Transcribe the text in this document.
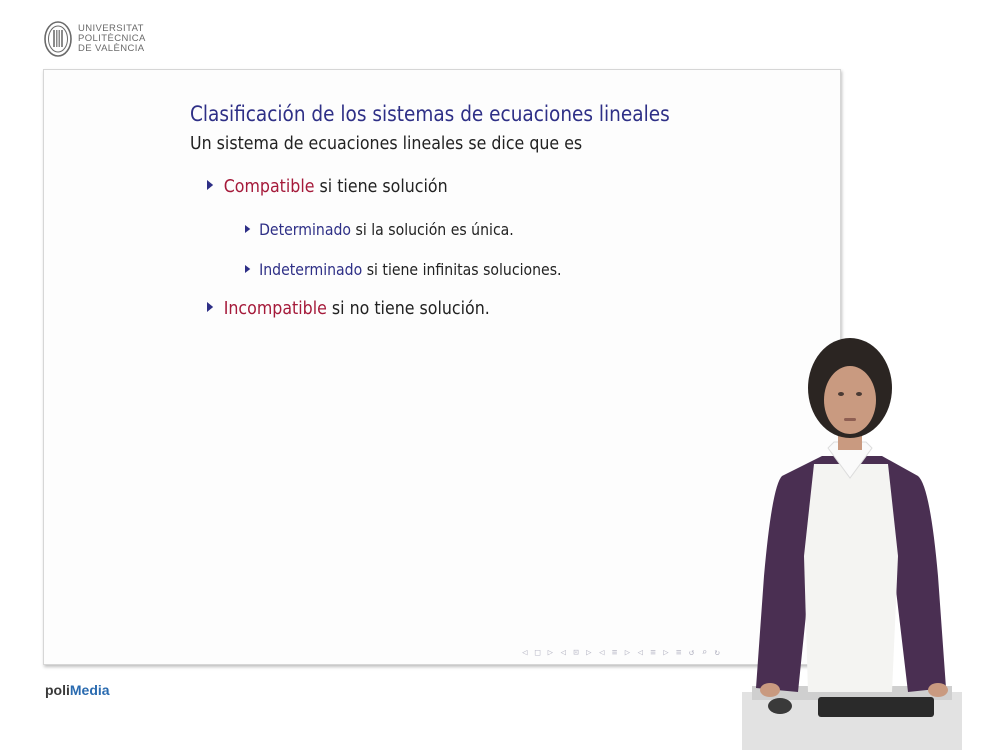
UNIVERSITAT
POLITÈCNICA
DE VALÈNCIA
Clasificación de los sistemas de ecuaciones lineales
Un sistema de ecuaciones lineales se dice que es
Compatible si tiene solución
Determinado si la solución es única.
Indeterminado si tiene infinitas soluciones.
Incompatible si no tiene solución.
◁ □ ▷ ◁ ⊡ ▷ ◁ ≡ ▷ ◁ ≡ ▷ ≡ ↺ ⌕ ↻
poliMedia
